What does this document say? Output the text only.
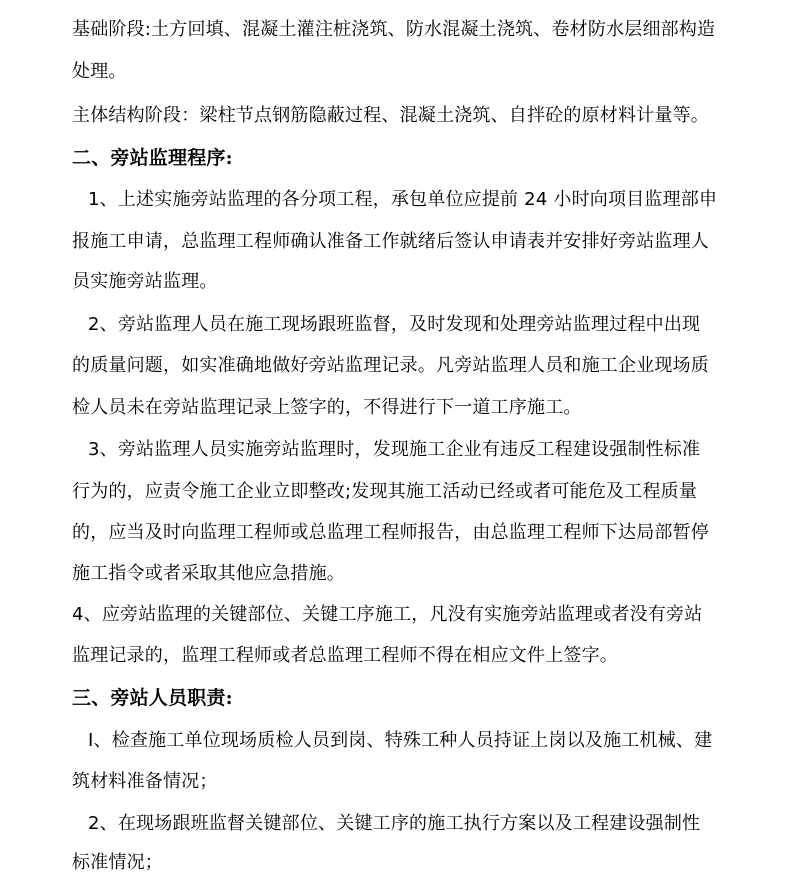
基础阶段:土方回填、混凝土灌注桩浇筑、防水混凝土浇筑、卷材防水层细部构造
处理。
主体结构阶段：梁柱节点钢筋隐蔽过程、混凝土浇筑、自拌砼的原材料计量等。
二、旁站监理程序:
1、上述实施旁站监理的各分项工程，承包单位应提前 24 小时向项目监理部申
报施工申请，总监理工程师确认准备工作就绪后签认申请表并安排好旁站监理人
员实施旁站监理。
2、旁站监理人员在施工现场跟班监督，及时发现和处理旁站监理过程中出现
的质量问题，如实准确地做好旁站监理记录。凡旁站监理人员和施工企业现场质
检人员未在旁站监理记录上签字的，不得进行下一道工序施工。
3、旁站监理人员实施旁站监理时，发现施工企业有违反工程建设强制性标准
行为的，应责令施工企业立即整改;发现其施工活动已经或者可能危及工程质量
的，应当及时向监理工程师或总监理工程师报告，由总监理工程师下达局部暂停
施工指令或者采取其他应急措施。
4、应旁站监理的关键部位、关键工序施工，凡没有实施旁站监理或者没有旁站
监理记录的，监理工程师或者总监理工程师不得在相应文件上签字。
三、旁站人员职责:
I、检查施工单位现场质检人员到岗、特殊工种人员持证上岗以及施工机械、建
筑材料准备情况；
2、在现场跟班监督关键部位、关键工序的施工执行方案以及工程建设强制性
标准情况；
